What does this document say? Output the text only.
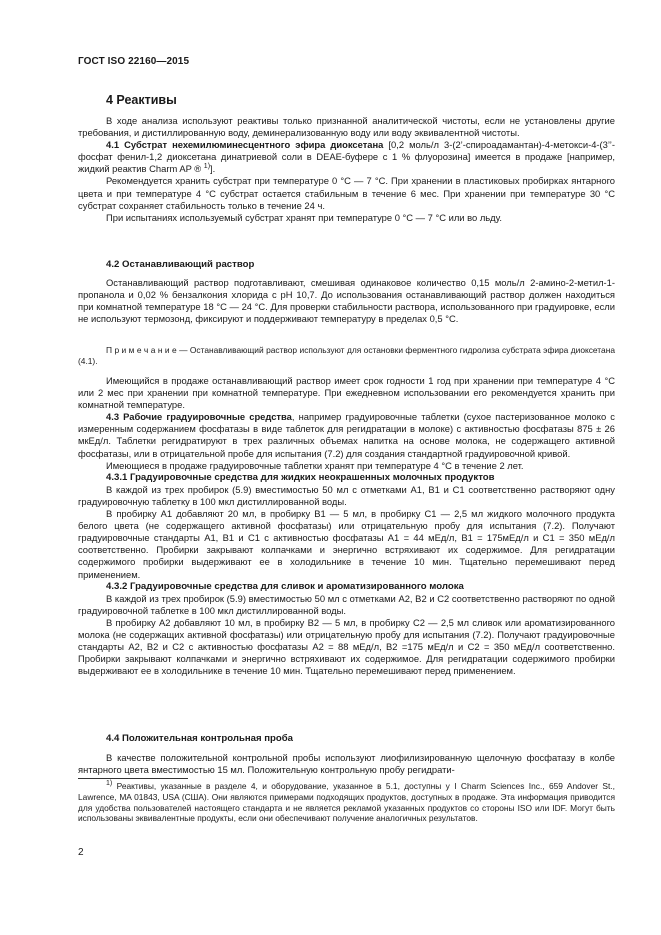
ГОСТ ISO 22160—2015
4 Реактивы

В ходе анализа используют реактивы только признанной аналитической чистоты, если не установлены другие требования, и дистиллированную воду, деминерализованную воду или воду эквивалентной чистоты.

4.1 Субстрат нехемилюминесцентного эфира диоксетана [0,2 моль/л 3-(2’-спироадамантан)-4-метокси-4-(3’’-фосфат фенил-1,2 диоксетана динатриевой соли в DEAE-буфере с 1 % флуорозина] имеется в продаже [например, жидкий реактив Charm AP ® $^{1)}$].

Рекомендуется хранить субстрат при температуре 0 °C — 7 °C. При хранении в пластиковых пробирках янтарного цвета и при температуре 4 °C субстрат остается стабильным в течение 6 мес. При хранении при температуре 30 °C субстрат сохраняет стабильность только в течение 24 ч.

При испытаниях используемый субстрат хранят при температуре 0 °C — 7 °C или во льду.

4.2 Останавливающий раствор

Останавливающий раствор подготавливают, смешивая одинаковое количество 0,15 моль/л 2-амино-2-метил-1-пропанола и 0,02 % бензалкония хлорида с pH 10,7. До использования останавливающий раствор должен находиться при комнатной температуре 18 °C — 24 °C. Для проверки стабильности раствора, использованного при градуировке, если не используют термозонд, фиксируют и поддерживают температуру в пределах 0,5 °C.

П р и м е ч а н и е — Останавливающий раствор используют для остановки ферментного гидролиза субстрата эфира диоксетана (4.1).

Имеющийся в продаже останавливающий раствор имеет срок годности 1 год при хранении при температуре 4 °C или 2 мес при хранении при комнатной температуре. При ежедневном использовании его рекомендуется хранить при комнатной температуре.

4.3 Рабочие градуировочные средства, например градуировочные таблетки (сухое пастеризованное молоко с измеренным содержанием фосфатазы в виде таблеток для регидратации в молоке) с активностью фосфатазы 875 ± 26 мкЕд/л. Таблетки регидратируют в трех различных объемах напитка на основе молока, не содержащего активной фосфатазы, или в отрицательной пробе для испытания (7.2) для создания стандартной градуировочной кривой.

Имеющиеся в продаже градуировочные таблетки хранят при температуре 4 °C в течение 2 лет.

4.3.1 Градуировочные средства для жидких неокрашенных молочных продуктов

В каждой из трех пробирок (5.9) вместимостью 50 мл с отметками A1, B1 и C1 соответственно растворяют одну градуировочную таблетку в 100 мкл дистиллированной воды.

В пробирку A1 добавляют 20 мл, в пробирку B1 — 5 мл, в пробирку C1 — 2,5 мл жидкого молочного продукта белого цвета (не содержащего активной фосфатазы) или отрицательную пробу для испытания (7.2). Получают градуировочные стандарты A1, B1 и C1 с активностью фосфатазы A1 = 44 мЕд/л, B1 = 175мЕд/л и C1 = 350 мЕд/л соответственно. Пробирки закрывают колпачками и энергично встряхивают их содержимое. Для регидратации содержимого пробирки выдерживают ее в холодильнике в течение 10 мин. Тщательно перемешивают перед применением.

4.3.2 Градуировочные средства для сливок и ароматизированного молока

В каждой из трех пробирок (5.9) вместимостью 50 мл с отметками A2, B2 и C2 соответственно растворяют по одной градуировочной таблетке в 100 мкл дистиллированной воды.

В пробирку A2 добавляют 10 мл, в пробирку B2 — 5 мл, в пробирку C2 — 2,5 мл сливок или ароматизированного молока (не содержащих активной фосфатазы) или отрицательную пробу для испытания (7.2). Получают градуировочные стандарты A2, B2 и C2 с активностью фосфатазы A2 = 88 мЕд/л, B2 =175 мЕд/л и C2 = 350 мЕд/л соответственно. Пробирки закрывают колпачками и энергично встряхивают их содержимое. Для регидратации содержимого пробирки выдерживают ее в холодильнике в течение 10 мин. Тщательно перемешивают перед применением.

4.4 Положительная контрольная проба

В качестве положительной контрольной пробы используют лиофилизированную щелочную фосфатазу в колбе янтарного цвета вместимостью 15 мл. Положительную контрольную пробу регидрати-

$^{1)}$ Реактивы, указанные в разделе 4, и оборудование, указанное в 5.1, доступны у I Charm Sciences Inc., 659 Andover St., Lawrence, MA 01843, USA (США). Они являются примерами подходящих продуктов, доступных в продаже. Эта информация приводится для удобства пользователей настоящего стандарта и не является рекламой указанных продуктов со стороны ISO или IDF. Могут быть использованы эквивалентные продукты, если они обеспечивают получение аналогичных результатов.

2
